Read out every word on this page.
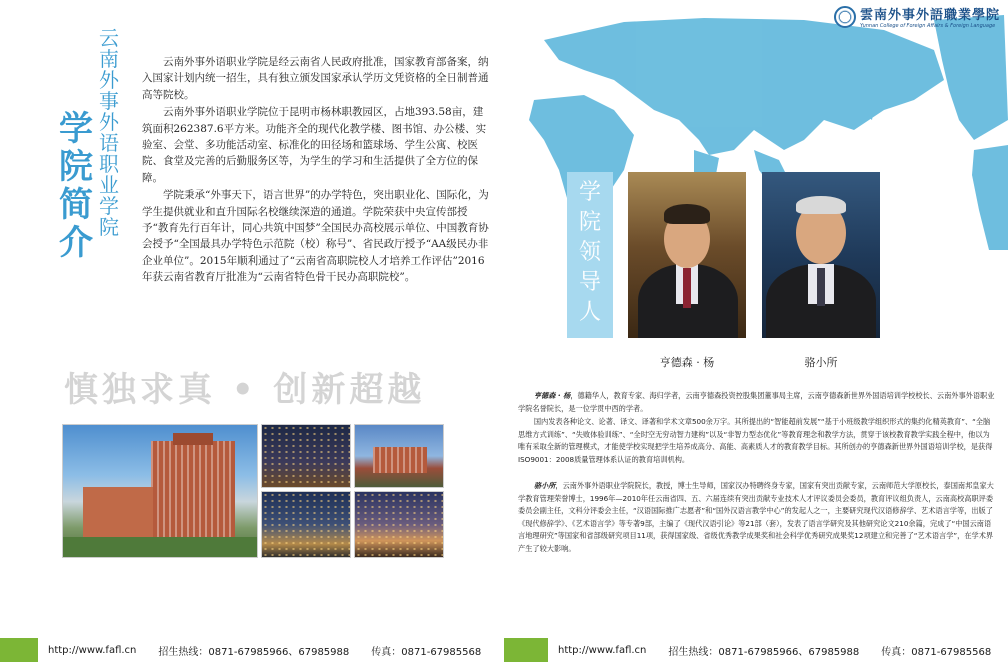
云
南
外
事
外
语
职
业
学
院
学
院
简
介

云南外事外语职业学院是经云南省人民政府批准，国家教育部备案，纳入国家计划内统一招生，具有独立颁发国家承认学历文凭资格的全日制普通高等院校。

云南外事外语职业学院位于昆明市杨林职教园区，占地393.58亩，建筑面积262387.6平方米。功能齐全的现代化教学楼、图书馆、办公楼、实验室、会堂、多功能活动室、标准化的田径场和篮球场、学生公寓、校医院、食堂及完善的后勤服务区等，为学生的学习和生活提供了全方位的保障。

学院秉承“外事天下，语言世界”的办学特色，突出职业化、国际化，为学生提供就业和直升国际名校继续深造的通道。学院荣获中央宣传部授予“教育先行百年计，同心共筑中国梦”全国民办高校展示单位、中国教育协会授予“全国最具办学特色示范院（校）称号”、省民政厅授予“AA级民办非企业单位”。2015年顺利通过了“云南省高职院校人才培养工作评估”2016年获云南省教育厅批准为“云南省特色骨干民办高职院校”。

慎独求真 • 创新超越
雲南外事外語職業學院
Yunnan College of Foreign Affairs & Foreign Language
学
院
领
导
人
亨德森 · 杨	骆小所

亨德森 · 杨，德籍华人，教育专家、海归学者，云南亨德森投资控股集团董事局主席，云南亨德森新世界外国语培训学校校长、云南外事外语职业学院名誉院长，是一位学贯中西的学者。

国内发表各种论文、论著、译文、译著和学术文章500余万字。其所提出的“智能超前发展”“基于小班级教学组织形式的集约化精英教育”、“全脑思维方式训练”、“失败体验训练”、“全时空无穷动智力建构”以及“非智力型态优化”等教育理念和教学方法，贯穿于该校教育教学实践全程中，他以为唯有采取全新的管理模式，才能使学校实现把学生培养成高分、高能、高素质人才的教育教学目标。其所创办的亨德森新世界外国语培训学校，是获得ISO9001：2008质量管理体系认证的教育培训机构。

骆小所，云南外事外语职业学院院长，教授，博士生导师，国家汉办特聘终身专家，国家有突出贡献专家，云南师范大学原校长，泰国南邦皇家大学教育管理荣誉博士，1996年—2010年任云南省四、五、六届连续有突出贡献专业技术人才评议委员会委员，教育评议组负责人，云南高校高职评委委员会副主任，文科分评委会主任，“汉语国际推广志愿者”和“国外汉语言教学中心”的发起人之一，主要研究现代汉语修辞学、艺术语言学等，出版了《现代修辞学》、《艺术语言学》等专著9部，主编了《现代汉语引论》等21部（套），发表了语言学研究及其他研究论文210余篇，完成了“中国云南语言地理研究”等国家和省部级研究项目11项，获得国家级、省级优秀教学成果奖和社会科学优秀研究成果奖12项建立和完善了“艺术语言学”，在学术界产生了较大影响。

http://www.fafl.cn 招生热线：0871-67985966、67985988 传真：0871-67985568	http://www.fafl.cn 招生热线：0871-67985966、67985988 传真：0871-67985568
